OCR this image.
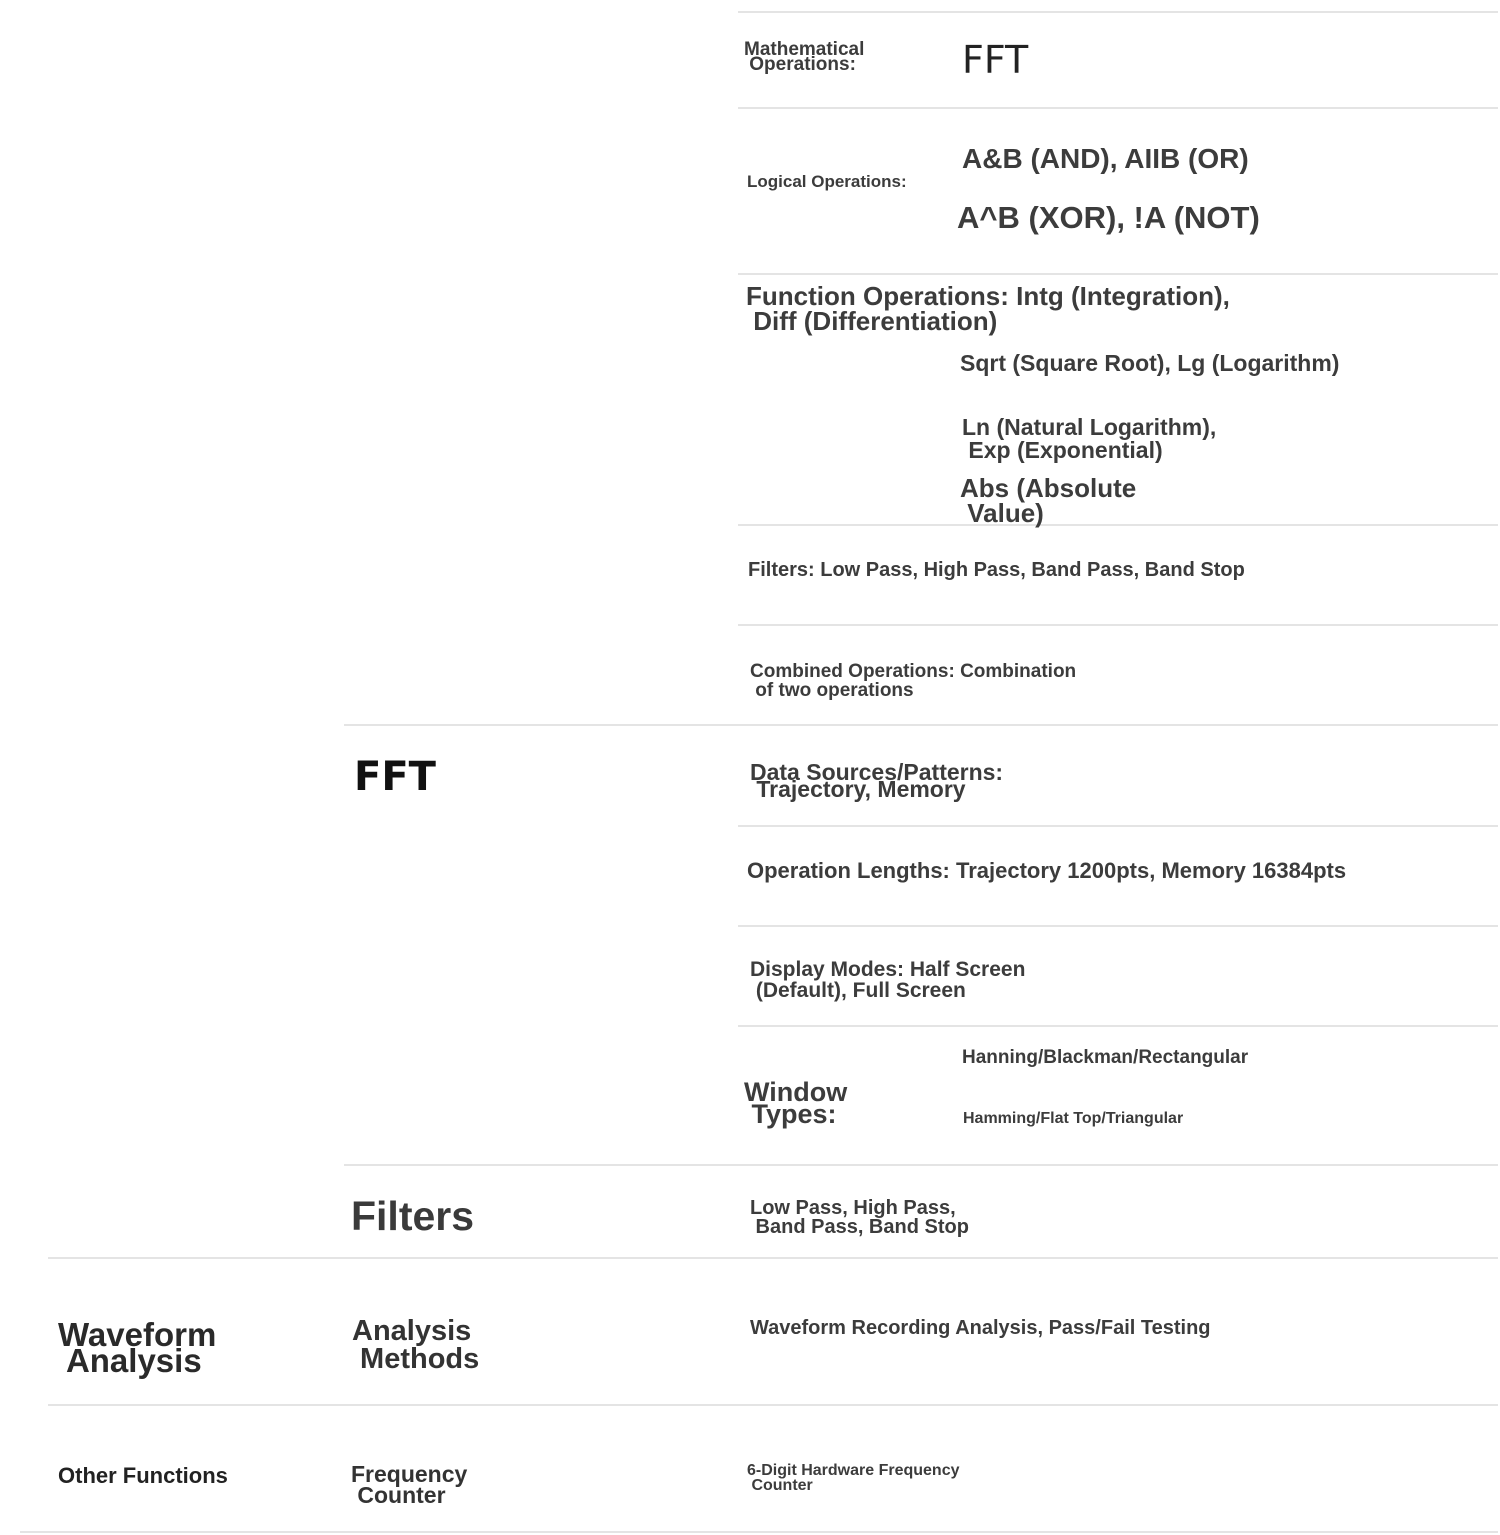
Waveform
Analysis
Other Functions
FFT
Filters
Analysis
Methods
Frequency
Counter
Mathematical
Operations:	FFT
Logical Operations:
A&B (AND), AIIB (OR)
A^B (XOR), !A (NOT)
Function Operations: Intg (Integration),
Diff (Differentiation)
Sqrt (Square Root), Lg (Logarithm)
Ln (Natural Logarithm),
Exp (Exponential)
Abs (Absolute
Value)
Filters: Low Pass, High Pass, Band Pass, Band Stop
Combined Operations: Combination
of two operations
Data Sources/Patterns:
Trajectory, Memory
Operation Lengths: Trajectory 1200pts, Memory 16384pts
Display Modes: Half Screen
(Default), Full Screen
Window
Types:
Hanning/Blackman/Rectangular
Hamming/Flat Top/Triangular
Low Pass, High Pass,
Band Pass, Band Stop
Waveform Recording Analysis, Pass/Fail Testing
6-Digit Hardware Frequency
Counter
